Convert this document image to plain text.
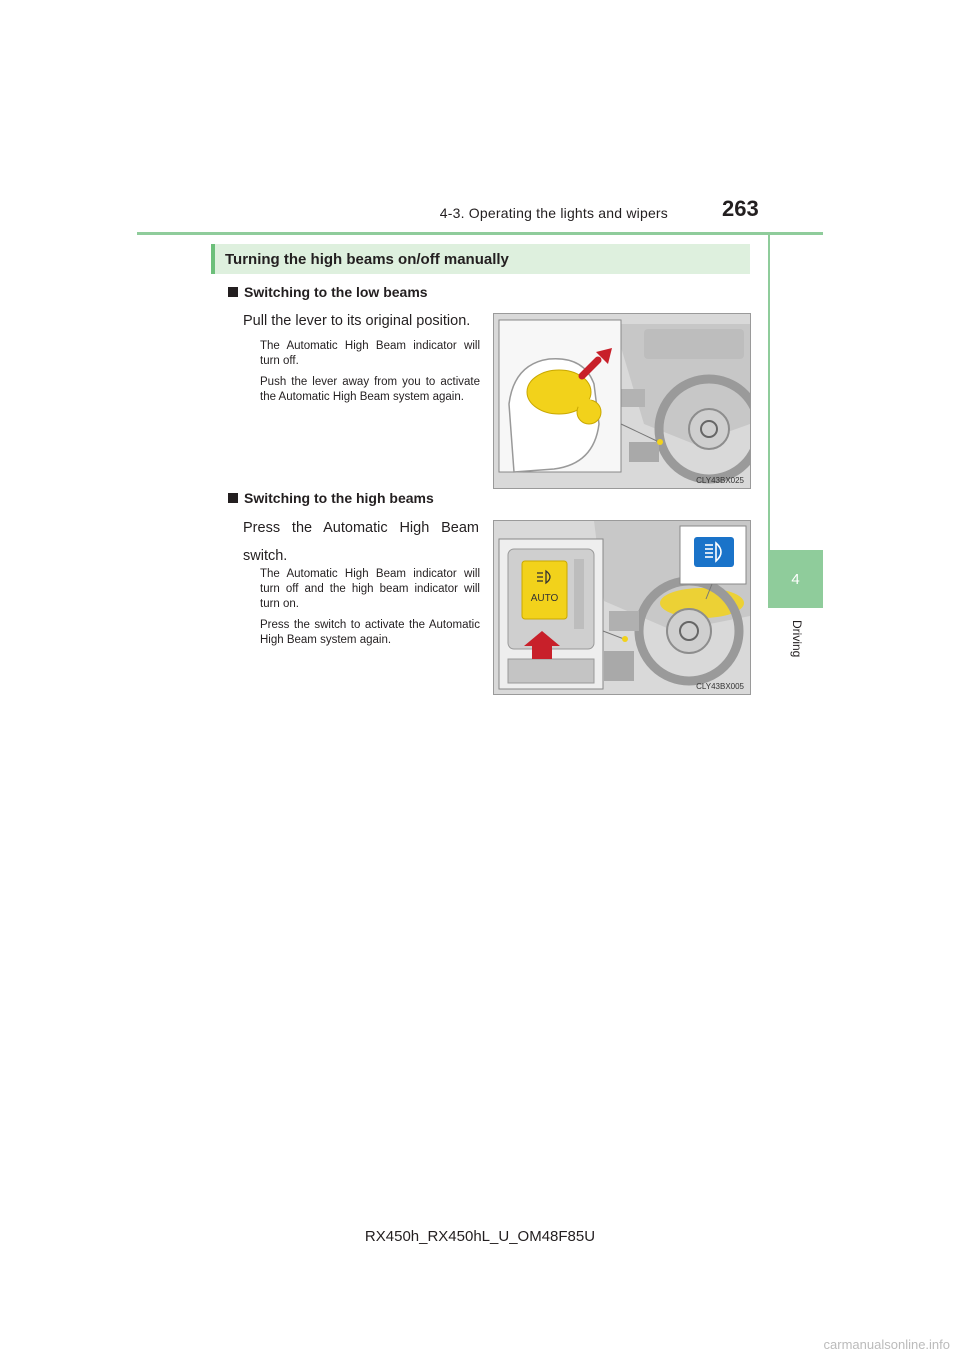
4-3. Operating the lights and wipers 263
4
Driving
Turning the high beams on/off manually
Switching to the low beams
Pull the lever to its original position.

The Automatic High Beam indicator will turn off.

Push the lever away from you to activate the Automatic High Beam system again.

CLY43BX025
Switching to the high beams
Press the Automatic High Beam switch.

The Automatic High Beam indicator will turn off and the high beam indicator will turn on.

Press the switch to activate the Automatic High Beam system again.

AUTO
CLY43BX005
RX450h_RX450hL_U_OM48F85U
carmanualsonline.info
